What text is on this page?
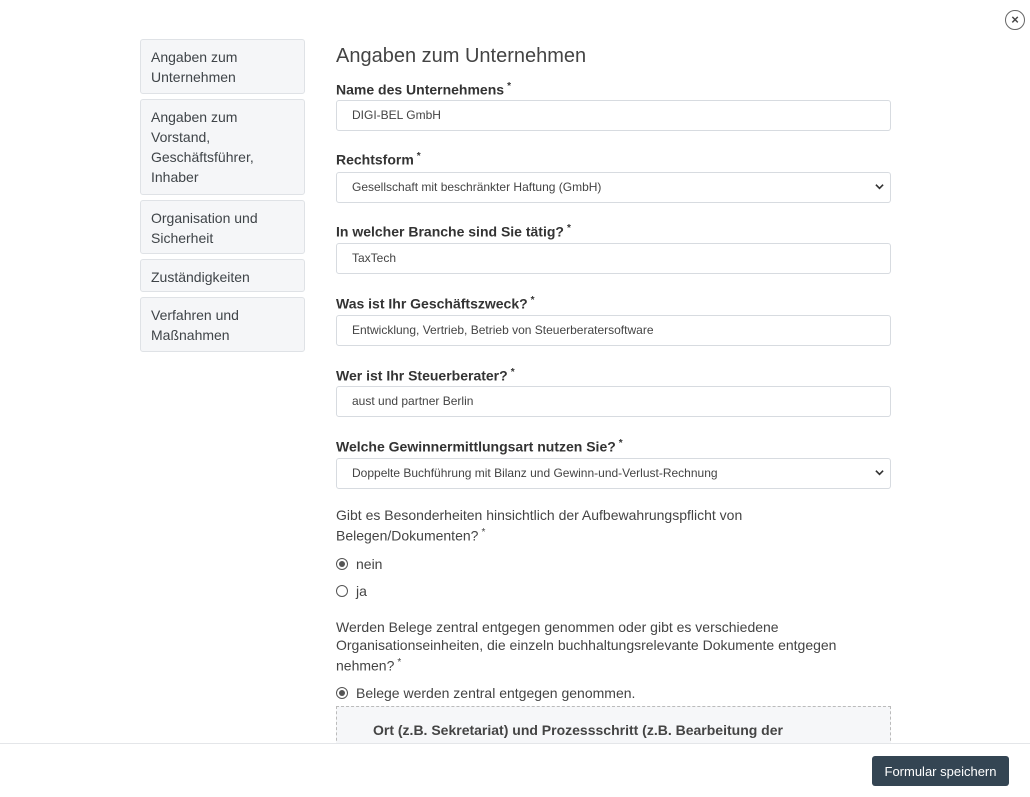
×
Angaben zum Unternehmen
Angaben zum Vorstand, Geschäftsführer, Inhaber
Organisation und Sicherheit
Zuständigkeiten
Verfahren und Maßnahmen
Angaben zum Unternehmen
Name des Unternehmens *
DIGI-BEL GmbH
Rechtsform *
Gesellschaft mit beschränkter Haftung (GmbH)
In welcher Branche sind Sie tätig? *
TaxTech
Was ist Ihr Geschäftszweck? *
Entwicklung, Vertrieb, Betrieb von Steuerberatersoftware
Wer ist Ihr Steuerberater? *
aust und partner Berlin
Welche Gewinnermittlungsart nutzen Sie? *
Doppelte Buchführung mit Bilanz und Gewinn-und-Verlust-Rechnung
Gibt es Besonderheiten hinsichtlich der Aufbewahrungspflicht von Belegen/Dokumenten? *
nein
ja
Werden Belege zentral entgegen genommen oder gibt es verschiedene Organisationseinheiten, die einzeln buchhaltungsrelevante Dokumente entgegen nehmen? *
Belege werden zentral entgegen genommen.
Ort (z.B. Sekretariat) und Prozessschritt (z.B. Bearbeitung der
Formular speichern
